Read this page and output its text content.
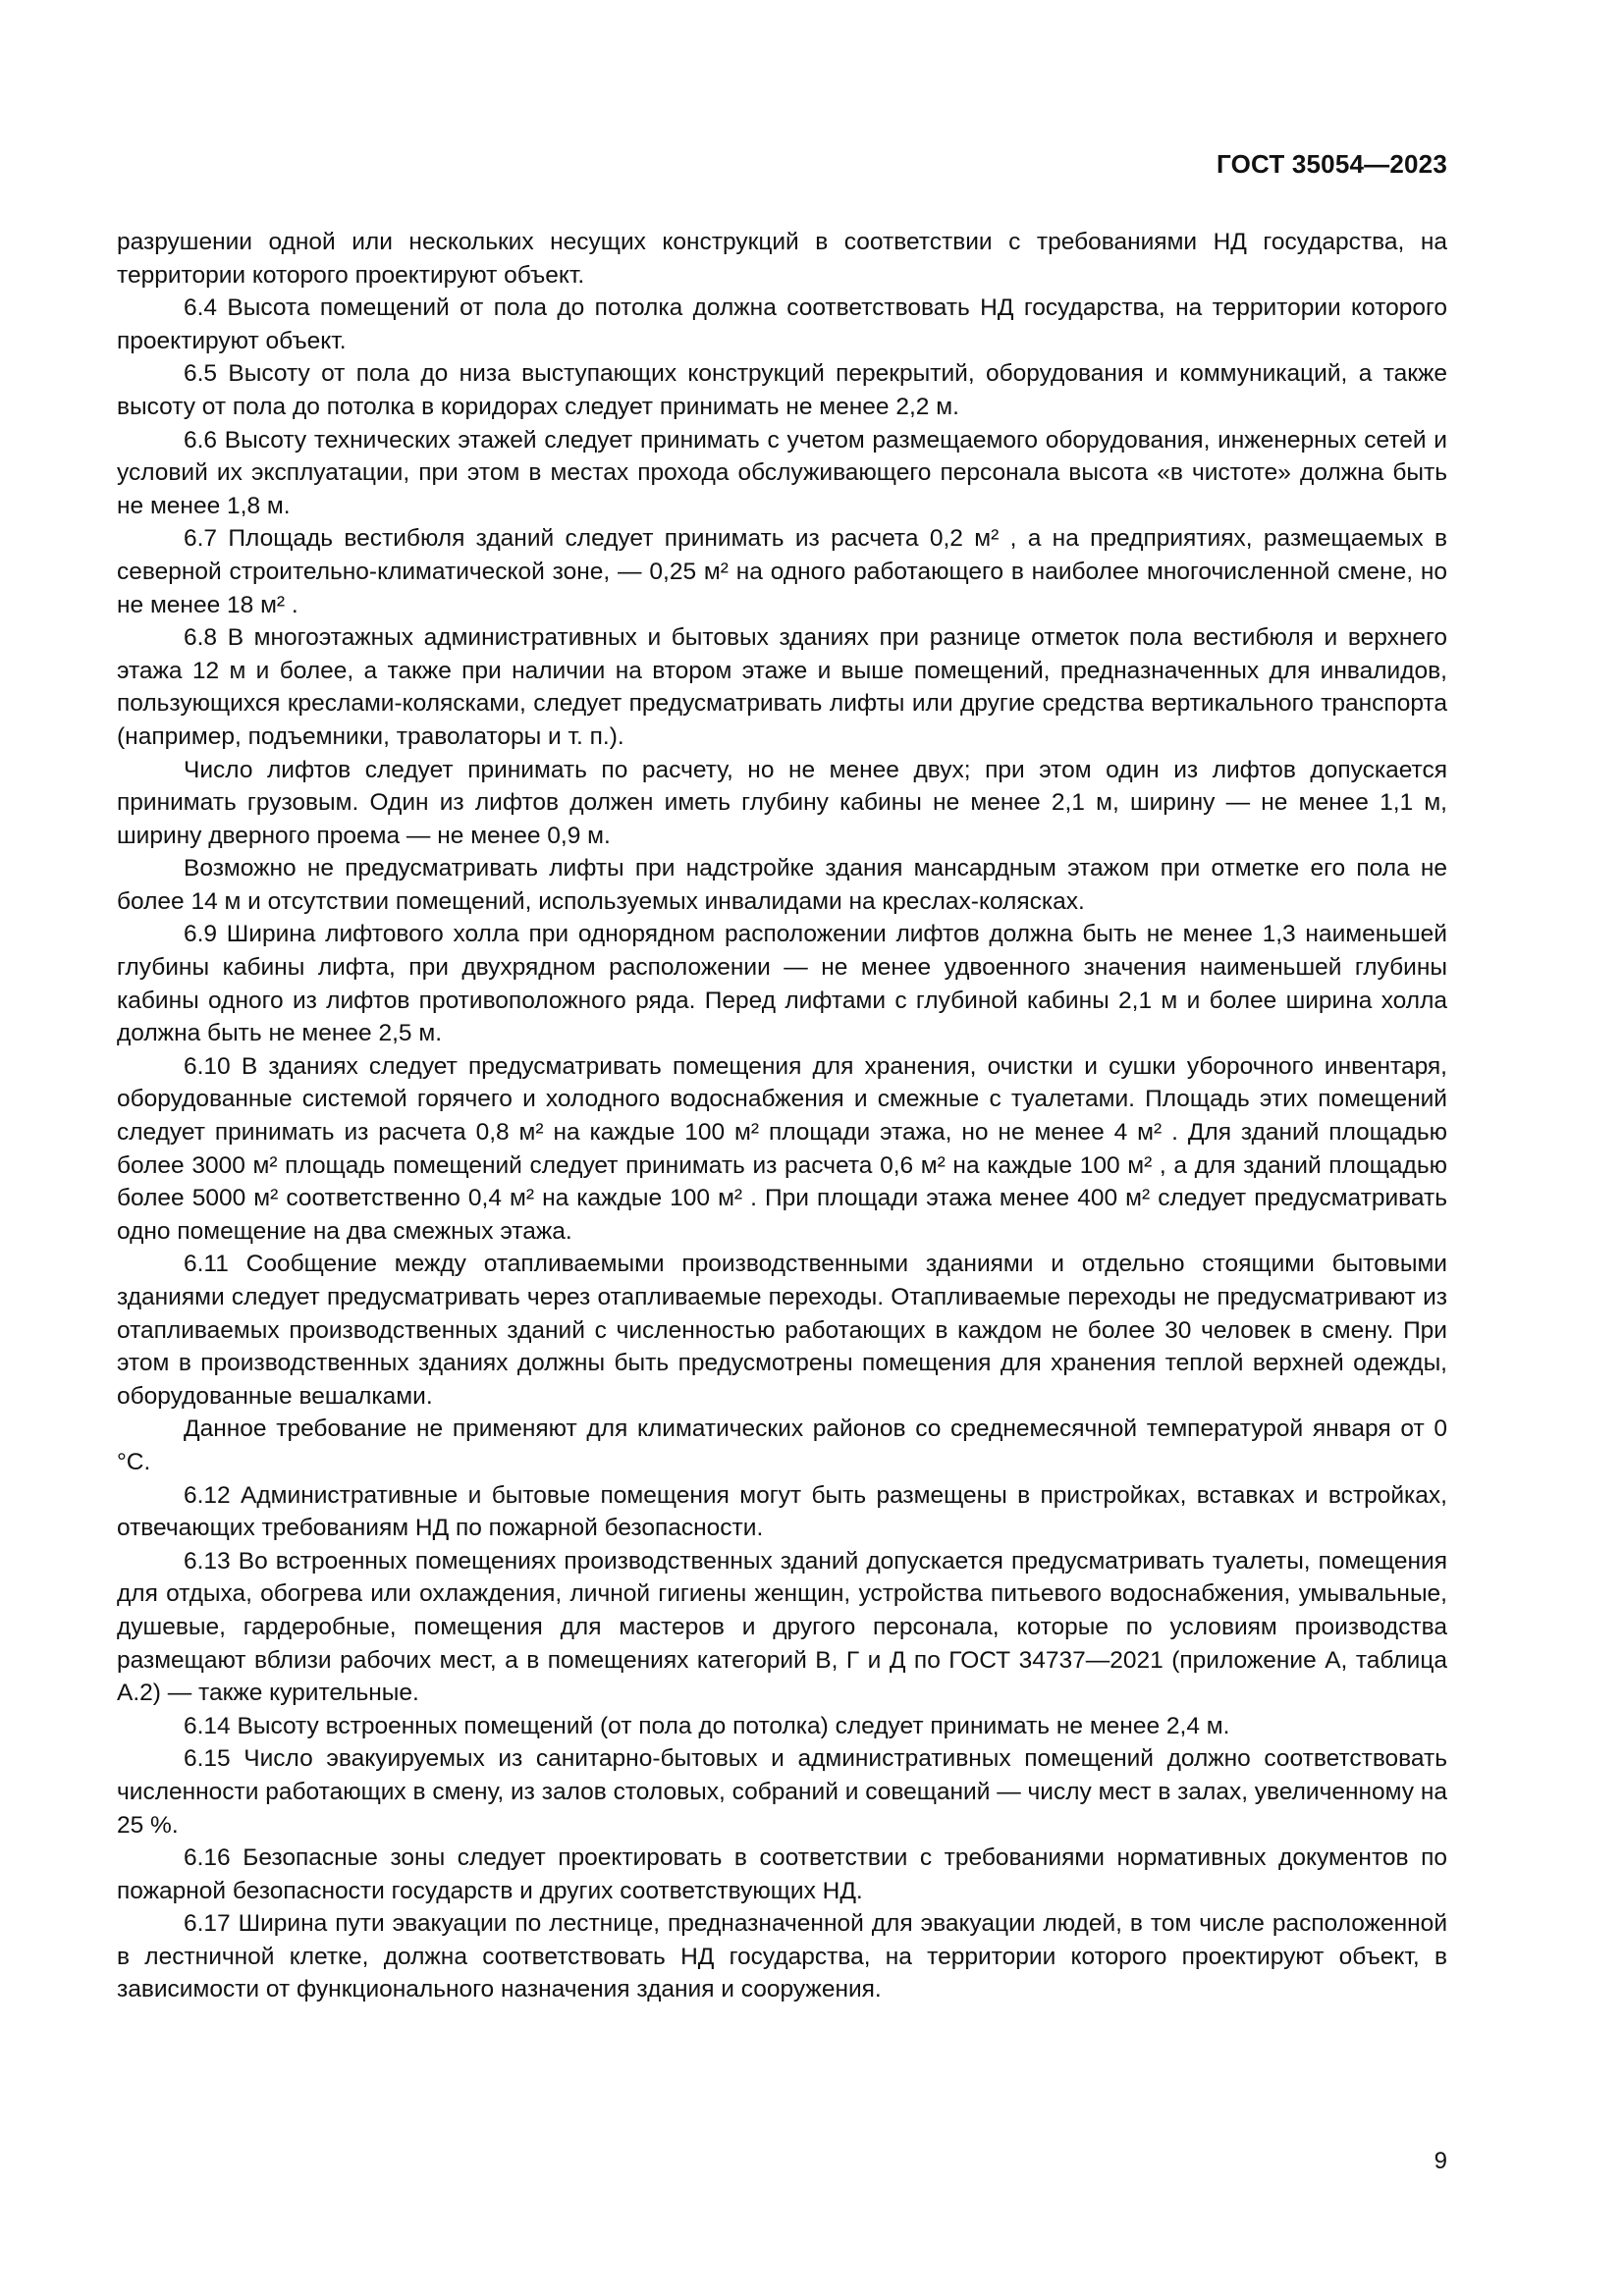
ГОСТ 35054—2023

разрушении одной или нескольких несущих конструкций в соответствии с требованиями НД государства, на территории которого проектируют объект.

6.4 Высота помещений от пола до потолка должна соответствовать НД государства, на территории которого проектируют объект.

6.5 Высоту от пола до низа выступающих конструкций перекрытий, оборудования и коммуникаций, а также высоту от пола до потолка в коридорах следует принимать не менее 2,2 м.

6.6 Высоту технических этажей следует принимать с учетом размещаемого оборудования, инженерных сетей и условий их эксплуатации, при этом в местах прохода обслуживающего персонала высота «в чистоте» должна быть не менее 1,8 м.

6.7 Площадь вестибюля зданий следует принимать из расчета 0,2 м² , а на предприятиях, размещаемых в северной строительно-климатической зоне, — 0,25 м² на одного работающего в наиболее многочисленной смене, но не менее 18 м² .

6.8 В многоэтажных административных и бытовых зданиях при разнице отметок пола вестибюля и верхнего этажа 12 м и более, а также при наличии на втором этаже и выше помещений, предназначенных для инвалидов, пользующихся креслами-колясками, следует предусматривать лифты или другие средства вертикального транспорта (например, подъемники, траволаторы и т. п.).

Число лифтов следует принимать по расчету, но не менее двух; при этом один из лифтов допускается принимать грузовым. Один из лифтов должен иметь глубину кабины не менее 2,1 м, ширину — не менее 1,1 м, ширину дверного проема — не менее 0,9 м.

Возможно не предусматривать лифты при надстройке здания мансардным этажом при отметке его пола не более 14 м и отсутствии помещений, используемых инвалидами на креслах-колясках.

6.9 Ширина лифтового холла при однорядном расположении лифтов должна быть не менее 1,3 наименьшей глубины кабины лифта, при двухрядном расположении — не менее удвоенного значения наименьшей глубины кабины одного из лифтов противоположного ряда. Перед лифтами с глубиной кабины 2,1 м и более ширина холла должна быть не менее 2,5 м.

6.10 В зданиях следует предусматривать помещения для хранения, очистки и сушки уборочного инвентаря, оборудованные системой горячего и холодного водоснабжения и смежные с туалетами. Площадь этих помещений следует принимать из расчета 0,8 м² на каждые 100 м² площади этажа, но не менее 4 м² . Для зданий площадью более 3000 м² площадь помещений следует принимать из расчета 0,6 м² на каждые 100 м² , а для зданий площадью более 5000 м² соответственно 0,4 м² на каждые 100 м² . При площади этажа менее 400 м² следует предусматривать одно помещение на два смежных этажа.

6.11 Сообщение между отапливаемыми производственными зданиями и отдельно стоящими бытовыми зданиями следует предусматривать через отапливаемые переходы. Отапливаемые переходы не предусматривают из отапливаемых производственных зданий с численностью работающих в каждом не более 30 человек в смену. При этом в производственных зданиях должны быть предусмотрены помещения для хранения теплой верхней одежды, оборудованные вешалками.

Данное требование не применяют для климатических районов со среднемесячной температурой января от 0 °С.

6.12 Административные и бытовые помещения могут быть размещены в пристройках, вставках и встройках, отвечающих требованиям НД по пожарной безопасности.

6.13 Во встроенных помещениях производственных зданий допускается предусматривать туалеты, помещения для отдыха, обогрева или охлаждения, личной гигиены женщин, устройства питьевого водоснабжения, умывальные, душевые, гардеробные, помещения для мастеров и другого персонала, которые по условиям производства размещают вблизи рабочих мест, а в помещениях категорий В, Г и Д по ГОСТ 34737—2021 (приложение А, таблица А.2) — также курительные.

6.14 Высоту встроенных помещений (от пола до потолка) следует принимать не менее 2,4 м.

6.15 Число эвакуируемых из санитарно-бытовых и административных помещений должно соответствовать численности работающих в смену, из залов столовых, собраний и совещаний — числу мест в залах, увеличенному на 25 %.

6.16 Безопасные зоны следует проектировать в соответствии с требованиями нормативных документов по пожарной безопасности государств и других соответствующих НД.

6.17 Ширина пути эвакуации по лестнице, предназначенной для эвакуации людей, в том числе расположенной в лестничной клетке, должна соответствовать НД государства, на территории которого проектируют объект, в зависимости от функционального назначения здания и сооружения.

9
